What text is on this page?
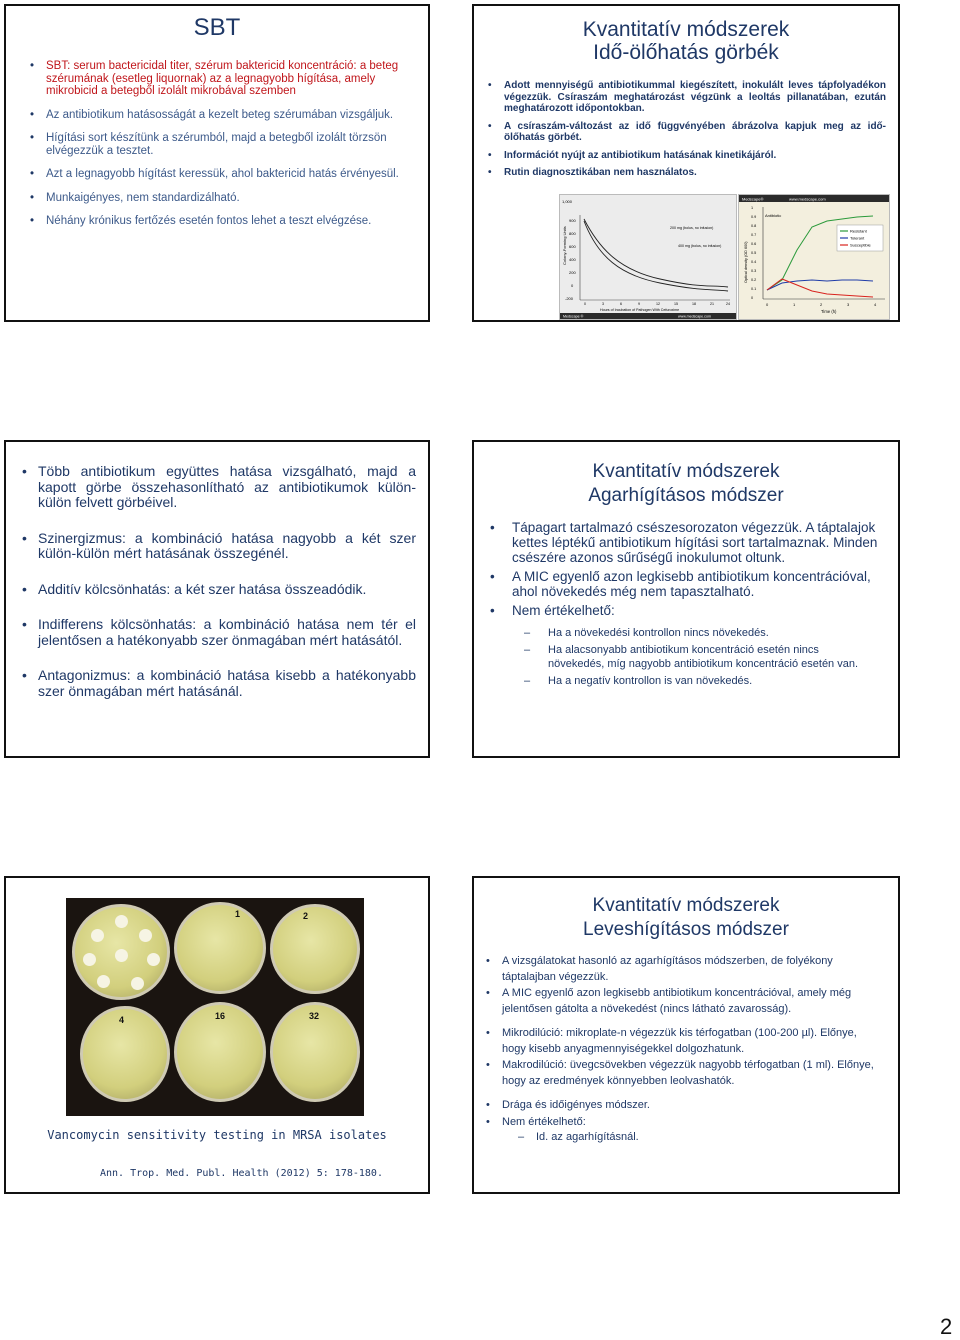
SBT
• SBT: serum bactericidal titer, szérum baktericid koncentráció: a beteg szérumának (esetleg liquornak) az a legnagyobb hígítása, amely mikrobicid a betegből izolált mikrobával szemben
• Az antibiotikum hatásosságát a kezelt beteg szérumában vizsgáljuk.
• Hígítási sort készítünk a szérumból, majd a betegből izolált törzsön elvégezzük a tesztet.
• Azt a legnagyobb hígítást keressük, ahol baktericid hatás érvényesül.
• Munkaigényes, nem standardizálható.
• Néhány krónikus fertőzés esetén fontos lehet a teszt elvégzése.
Kvantitatív módszerek
Idő-ölőhatás görbék
• Adott mennyiségű antibiotikummal kiegészített, inokulált leves tápfolyadékon végezzük. Csíraszám meghatározást végzünk a leoltás pillanatában, ezután meghatározott időpontokban.
• A csíraszám-változást az idő függvényében ábrázolva kapjuk meg az idő-ölőhatás görbét.
• Információt nyújt az antibiotikum hatásának kinetikájáról.
• Rutin diagnosztikában nem használatos.
1,000
900
800
600
400
200
0
-200
Colony-Forming Units	200 mg (bolus, no infusion)
400 mg (bolus, no infusion)
0	3	6	9	12	15	18	21	24
Hours of Incubation of Pathogen With Cefuroxime
Medscape ®	www.medscape.com
Medscape®	www.medscape.com
Optical density (OD 600)
1
0.9
0.8
0.7
0.6
0.5
0.4
0.3
0.2
0.1
0
0	1	2	3	4
Antibiotic
Resistant
Tolerant
Susceptible
Time (h)
• Több antibiotikum együttes hatása vizsgálható, majd a kapott görbe összehasonlítható az antibiotikumok külön-külön felvett görbéivel.
• Szinergizmus: a kombináció hatása nagyobb a két szer külön-külön mért hatásának összegénél.
• Additív kölcsönhatás: a két szer hatása összeadódik.
• Indifferens kölcsönhatás: a kombináció hatása nem tér el jelentősen a hatékonyabb szer önmagában mért hatásától.
• Antagonizmus: a kombináció hatása kisebb a hatékonyabb szer önmagában mért hatásánál.
Kvantitatív módszerek
Agarhígításos módszer
• Tápagart tartalmazó csészesorozaton végezzük. A táptalajok kettes léptékű antibiotikum hígítási sort tartalmaznak. Minden csészére azonos sűrűségű inokulumot oltunk.
• A MIC egyenlő azon legkisebb antibiotikum koncentrációval, ahol növekedés még nem tapasztalható.
• Nem értékelhető:
– Ha a növekedési kontrollon nincs növekedés.
– Ha alacsonyabb antibiotikum koncentráció esetén nincs növekedés, míg nagyobb antibiotikum koncentráció esetén van.
– Ha a negatív kontrollon is van növekedés.
1	2
4	16	32
Vancomycin sensitivity testing in MRSA isolates
Ann. Trop. Med. Publ. Health (2012) 5: 178-180.
Kvantitatív módszerek
Leveshígításos módszer
• A vizsgálatokat hasonló az agarhígításos módszerben, de folyékony táptalajban végezzük.
• A MIC egyenlő azon legkisebb antibiotikum koncentrációval, amely még jelentősen gátolta a növekedést (nincs látható zavarosság).
• Mikrodilúció: mikroplate-n végezzük kis térfogatban (100-200 µl). Előnye, hogy kisebb anyagmennyiségekkel dolgozhatunk.
• Makrodilúció: üvegcsövekben végezzük nagyobb térfogatban (1 ml). Előnye, hogy az eredmények könnyebben leolvashatók.
• Drága és időigényes módszer.
• Nem értékelhető:
– Id. az agarhígításnál.
2
